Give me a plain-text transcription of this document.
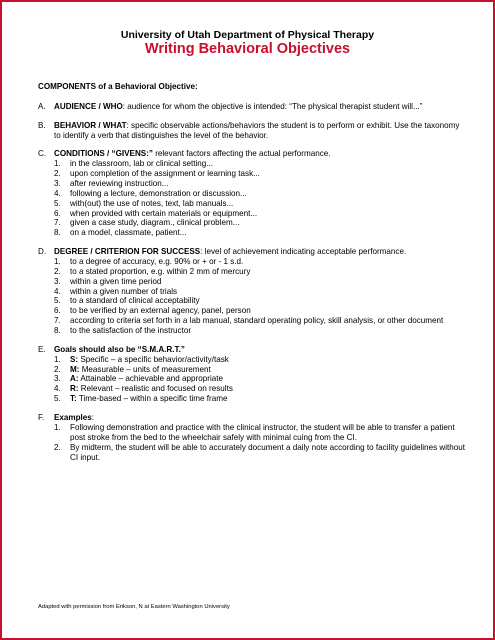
University of Utah Department of Physical Therapy
Writing Behavioral Objectives
COMPONENTS of a Behavioral Objective:
A. AUDIENCE / WHO: audience for whom the objective is intended: “The physical therapist student will...”
B. BEHAVIOR / WHAT: specific observable actions/behaviors the student is to perform or exhibit. Use the taxonomy to identify a verb that distinguishes the level of the behavior.
C. CONDITIONS / “GIVENS:” relevant factors affecting the actual performance.
1. in the classroom, lab or clinical setting...
2. upon completion of the assignment or learning task...
3. after reviewing instruction...
4. following a lecture, demonstration or discussion...
5. with(out) the use of notes, text, lab manuals...
6. when provided with certain materials or equipment...
7. given a case study, diagram., clinical problem...
8. on a model, classmate, patient...
D. DEGREE / CRITERION FOR SUCCESS: level of achievement indicating acceptable performance.
1. to a degree of accuracy, e.g. 90% or + or - 1 s.d.
2. to a stated proportion, e.g. within 2 mm of mercury
3. within a given time period
4. within a given number of trials
5. to a standard of clinical acceptability
6. to be verified by an external agency, panel, person
7. according to criteria set forth in a lab manual, standard operating policy, skill analysis, or other document
8. to the satisfaction of the instructor
E. Goals should also be “S.M.A.R.T.”
1. S: Specific – a specific behavior/activity/task
2. M: Measurable – units of measurement
3. A: Attainable – achievable and appropriate
4. R: Relevant – realistic and focused on results
5. T: Time-based – within a specific time frame
F. Examples:
1. Following demonstration and practice with the clinical instructor, the student will be able to transfer a patient post stroke from the bed to the wheelchair safely with minimal cuing from the CI.
2. By midterm, the student will be able to accurately document a daily note according to facility guidelines without CI input.
Adapted with permission from Erikson, N at Eastern Washington University
